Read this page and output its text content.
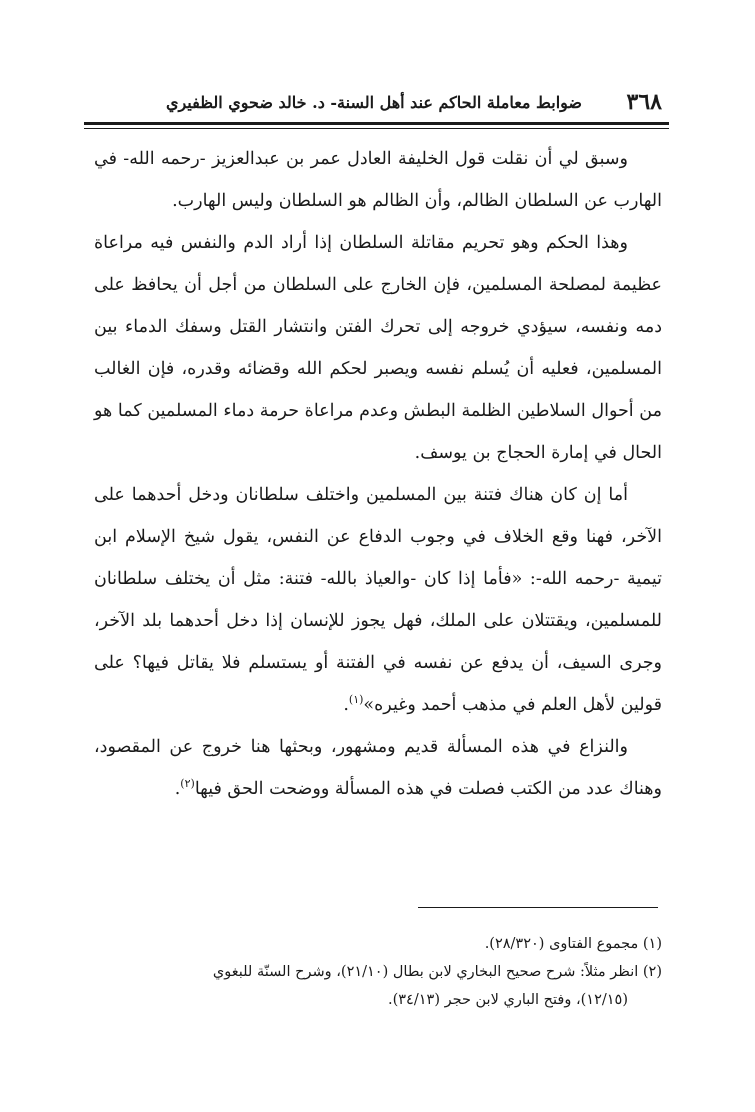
٣٦٨
ضوابط معاملة الحاكم عند أهل السنة- د. خالد ضحوي الظفيري

وسبق لي أن نقلت قول الخليفة العادل عمر بن عبدالعزيز -رحمه الله- في الهارب عن السلطان الظالم، وأن الظالم هو السلطان وليس الهارب.

وهذا الحكم وهو تحريم مقاتلة السلطان إذا أراد الدم والنفس فيه مراعاة عظيمة لمصلحة المسلمين، فإن الخارج على السلطان من أجل أن يحافظ على دمه ونفسه، سيؤدي خروجه إلى تحرك الفتن وانتشار القتل وسفك الدماء بين المسلمين، فعليه أن يُسلم نفسه ويصبر لحكم الله وقضائه وقدره، فإن الغالب من أحوال السلاطين الظلمة البطش وعدم مراعاة حرمة دماء المسلمين كما هو الحال في إمارة الحجاج بن يوسف.

أما إن كان هناك فتنة بين المسلمين واختلف سلطانان ودخل أحدهما على الآخر، فهنا وقع الخلاف في وجوب الدفاع عن النفس، يقول شيخ الإسلام ابن تيمية -رحمه الله-: «فأما إذا كان -والعياذ بالله- فتنة: مثل أن يختلف سلطانان للمسلمين، ويقتتلان على الملك، فهل يجوز للإنسان إذا دخل أحدهما بلد الآخر، وجرى السيف، أن يدفع عن نفسه في الفتنة أو يستسلم فلا يقاتل فيها؟ على قولين لأهل العلم في مذهب أحمد وغيره»$^{(١)}$.

والنزاع في هذه المسألة قديم ومشهور، وبحثها هنا خروج عن المقصود، وهناك عدد من الكتب فصلت في هذه المسألة ووضحت الحق فيها$^{(٢)}$.

(١) مجموع الفتاوى (٢٨/٣٢٠).

(٢) انظر مثلاً: شرح صحيح البخاري لابن بطال (٢١/١٠)، وشرح السنّة للبغوي

(١٢/١٥)، وفتح الباري لابن حجر (٣٤/١٣).
